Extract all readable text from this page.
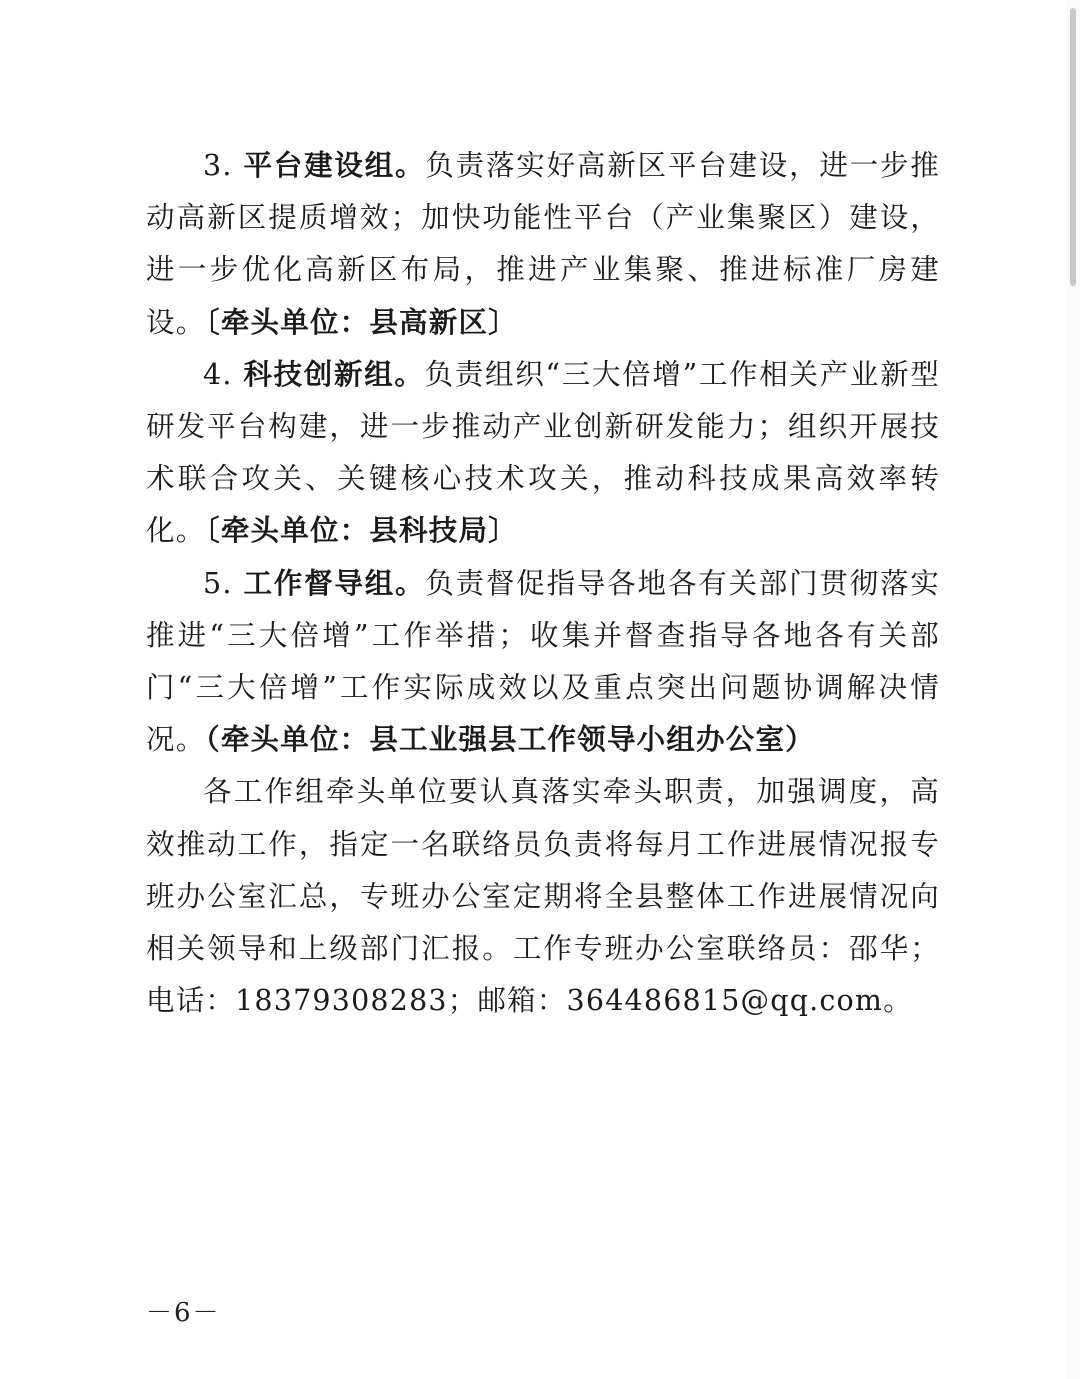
3. 平台建设组。负责落实好高新区平台建设，进一步推动高新区提质增效；加快功能性平台（产业集聚区）建设，进一步优化高新区布局，推进产业集聚、推进标准厂房建设。〔牵头单位：县高新区〕

4. 科技创新组。负责组织“三大倍增”工作相关产业新型研发平台构建，进一步推动产业创新研发能力；组织开展技术联合攻关、关键核心技术攻关，推动科技成果高效率转化。〔牵头单位：县科技局〕

5. 工作督导组。负责督促指导各地各有关部门贯彻落实推进“三大倍增”工作举措；收集并督查指导各地各有关部门“三大倍增”工作实际成效以及重点突出问题协调解决情况。（牵头单位：县工业强县工作领导小组办公室）

各工作组牵头单位要认真落实牵头职责，加强调度，高效推动工作，指定一名联络员负责将每月工作进展情况报专班办公室汇总，专班办公室定期将全县整体工作进展情况向相关领导和上级部门汇报。工作专班办公室联络员：邵华；电话：18379308283；邮箱：364486815@qq.com。

－6－
